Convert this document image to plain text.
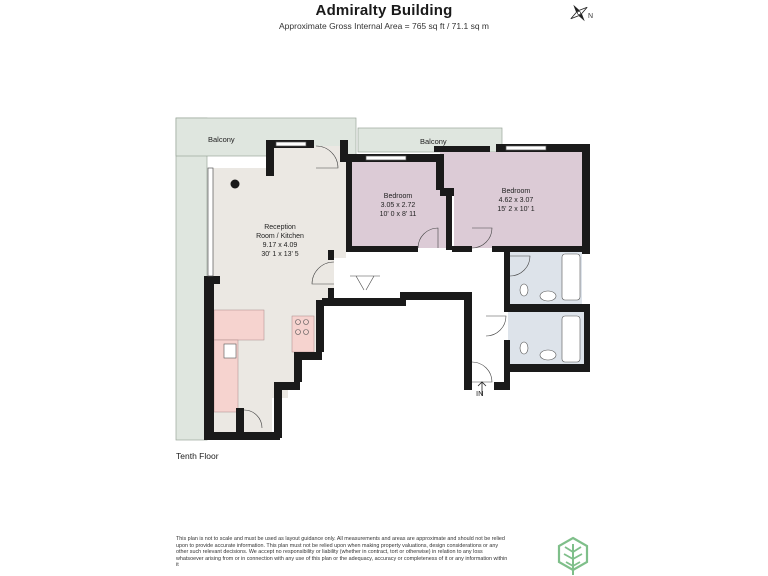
Admiralty Building
Approximate Gross Internal Area = 765 sq ft / 71.1 sq m
N
Balcony	Balcony
Reception
Room / Kitchen
9.17 x 4.09
30' 1 x 13' 5
Bedroom
3.05 x 2.72
10' 0 x 8' 11
Bedroom
4.62 x 3.07
15' 2 x 10' 1
IN
Tenth Floor
This plan is not to scale and must be used as layout guidance only. All measurements and areas are approximate and should not be relied upon to provide accurate information. This plan must not be relied upon when making property valuations, design considerations or any other such relevant decisions. We accept no responsibility or liability (whether in contract, tort or otherwise) in relation to any loss whatsoever arising from or in connection with any use of this plan or the adequacy, accuracy or completeness of it or any information within it
